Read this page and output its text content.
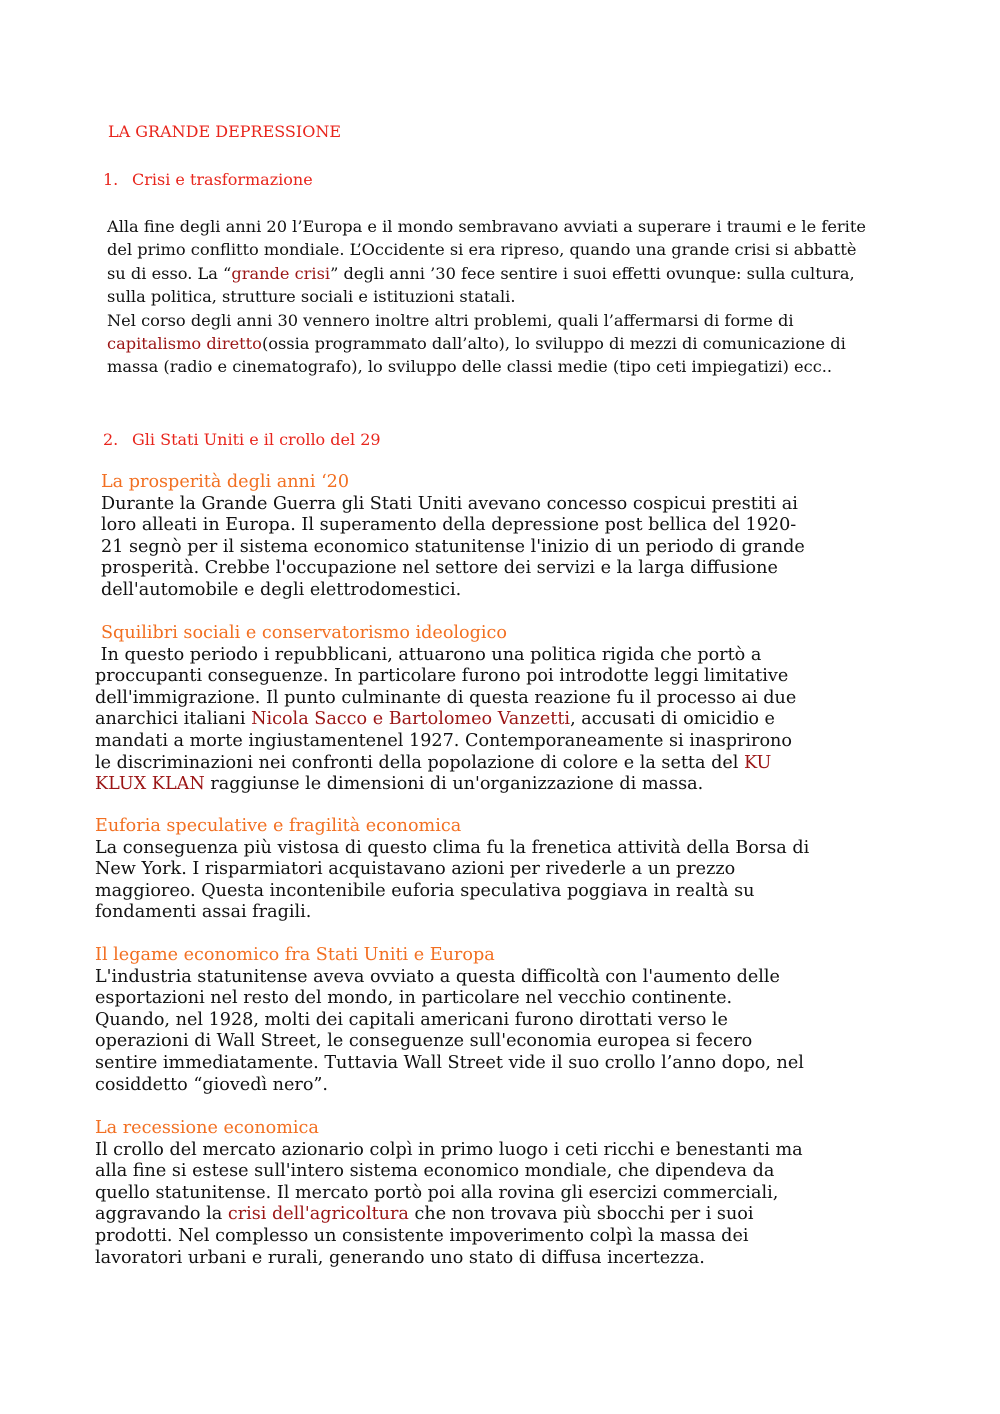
LA GRANDE DEPRESSIONE
1. Crisi e trasformazione

Alla fine degli anni 20 l’Europa e il mondo sembravano avviati a superare i traumi e le ferite del primo conflitto mondiale. L’Occidente si era ripreso, quando una grande crisi si abbattè su di esso. La “grande crisi” degli anni ’30 fece sentire i suoi effetti ovunque: sulla cultura, sulla politica, strutture sociali e istituzioni statali.

Nel corso degli anni 30 vennero inoltre altri problemi, quali l’affermarsi di forme di capitalismo diretto(ossia programmato dall’alto), lo sviluppo di mezzi di comunicazione di massa (radio e cinematografo), lo sviluppo delle classi medie (tipo ceti impiegatizi) ecc..

2. Gli Stati Uniti e il crollo del 29

La prosperità degli anni ‘20

Durante la Grande Guerra gli Stati Uniti avevano concesso cospicui prestiti ai

loro alleati in Europa. Il superamento della depressione post bellica del 1920-

21 segnò per il sistema economico statunitense l'inizio di un periodo di grande

prosperità. Crebbe l'occupazione nel settore dei servizi e la larga diffusione

dell'automobile e degli elettrodomestici.

Squilibri sociali e conservatorismo ideologico

In questo periodo i repubblicani, attuarono una politica rigida che portò a

proccupanti conseguenze. In particolare furono poi introdotte leggi limitative

dell'immigrazione. Il punto culminante di questa reazione fu il processo ai due

anarchici italiani Nicola Sacco e Bartolomeo Vanzetti, accusati di omicidio e

mandati a morte ingiustamentenel 1927. Contemporaneamente si inasprirono

le discriminazioni nei confronti della popolazione di colore e la setta del KU

KLUX KLAN raggiunse le dimensioni di un'organizzazione di massa.

Euforia speculative e fragilità economica

La conseguenza più vistosa di questo clima fu la frenetica attività della Borsa di

New York. I risparmiatori acquistavano azioni per rivederle a un prezzo

maggioreo. Questa incontenibile euforia speculativa poggiava in realtà su

fondamenti assai fragili.

Il legame economico fra Stati Uniti e Europa

L'industria statunitense aveva ovviato a questa difficoltà con l'aumento delle

esportazioni nel resto del mondo, in particolare nel vecchio continente.

Quando, nel 1928, molti dei capitali americani furono dirottati verso le

operazioni di Wall Street, le conseguenze sull'economia europea si fecero

sentire immediatamente. Tuttavia Wall Street vide il suo crollo l’anno dopo, nel

cosiddetto “giovedì nero”.

La recessione economica

Il crollo del mercato azionario colpì in primo luogo i ceti ricchi e benestanti ma

alla fine si estese sull'intero sistema economico mondiale, che dipendeva da

quello statunitense. Il mercato portò poi alla rovina gli esercizi commerciali,

aggravando la crisi dell'agricoltura che non trovava più sbocchi per i suoi

prodotti. Nel complesso un consistente impoverimento colpì la massa dei

lavoratori urbani e rurali, generando uno stato di diffusa incertezza.
